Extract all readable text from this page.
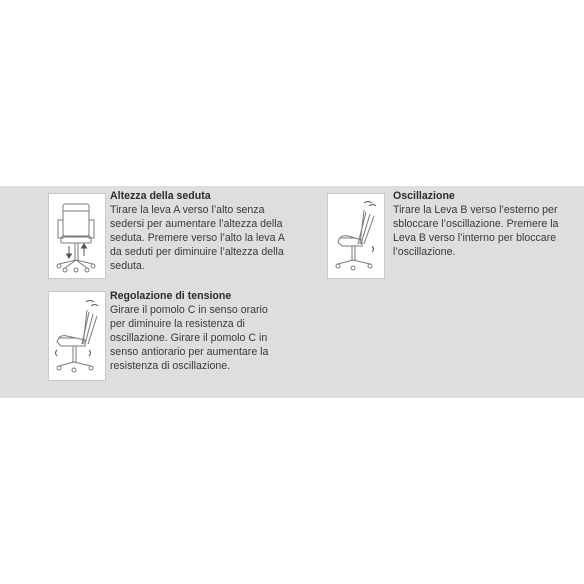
Altezza della seduta
Tirare la leva A verso l’alto senza
sedersi per aumentare l’altezza della
seduta. Premere verso l’alto la leva A
da seduti per diminuire l’altezza della
seduta.
Oscillazione
Tirare la Leva B verso l’esterno per
sbloccare l’oscillazione. Premere la
Leva B verso l’interno per bloccare
l’oscillazione.
Regolazione di tensione
Girare il pomolo C in senso orario
per diminuire la resistenza di
oscillazione. Girare il pomolo C in
senso antiorario per aumentare la
resistenza di oscillazione.
